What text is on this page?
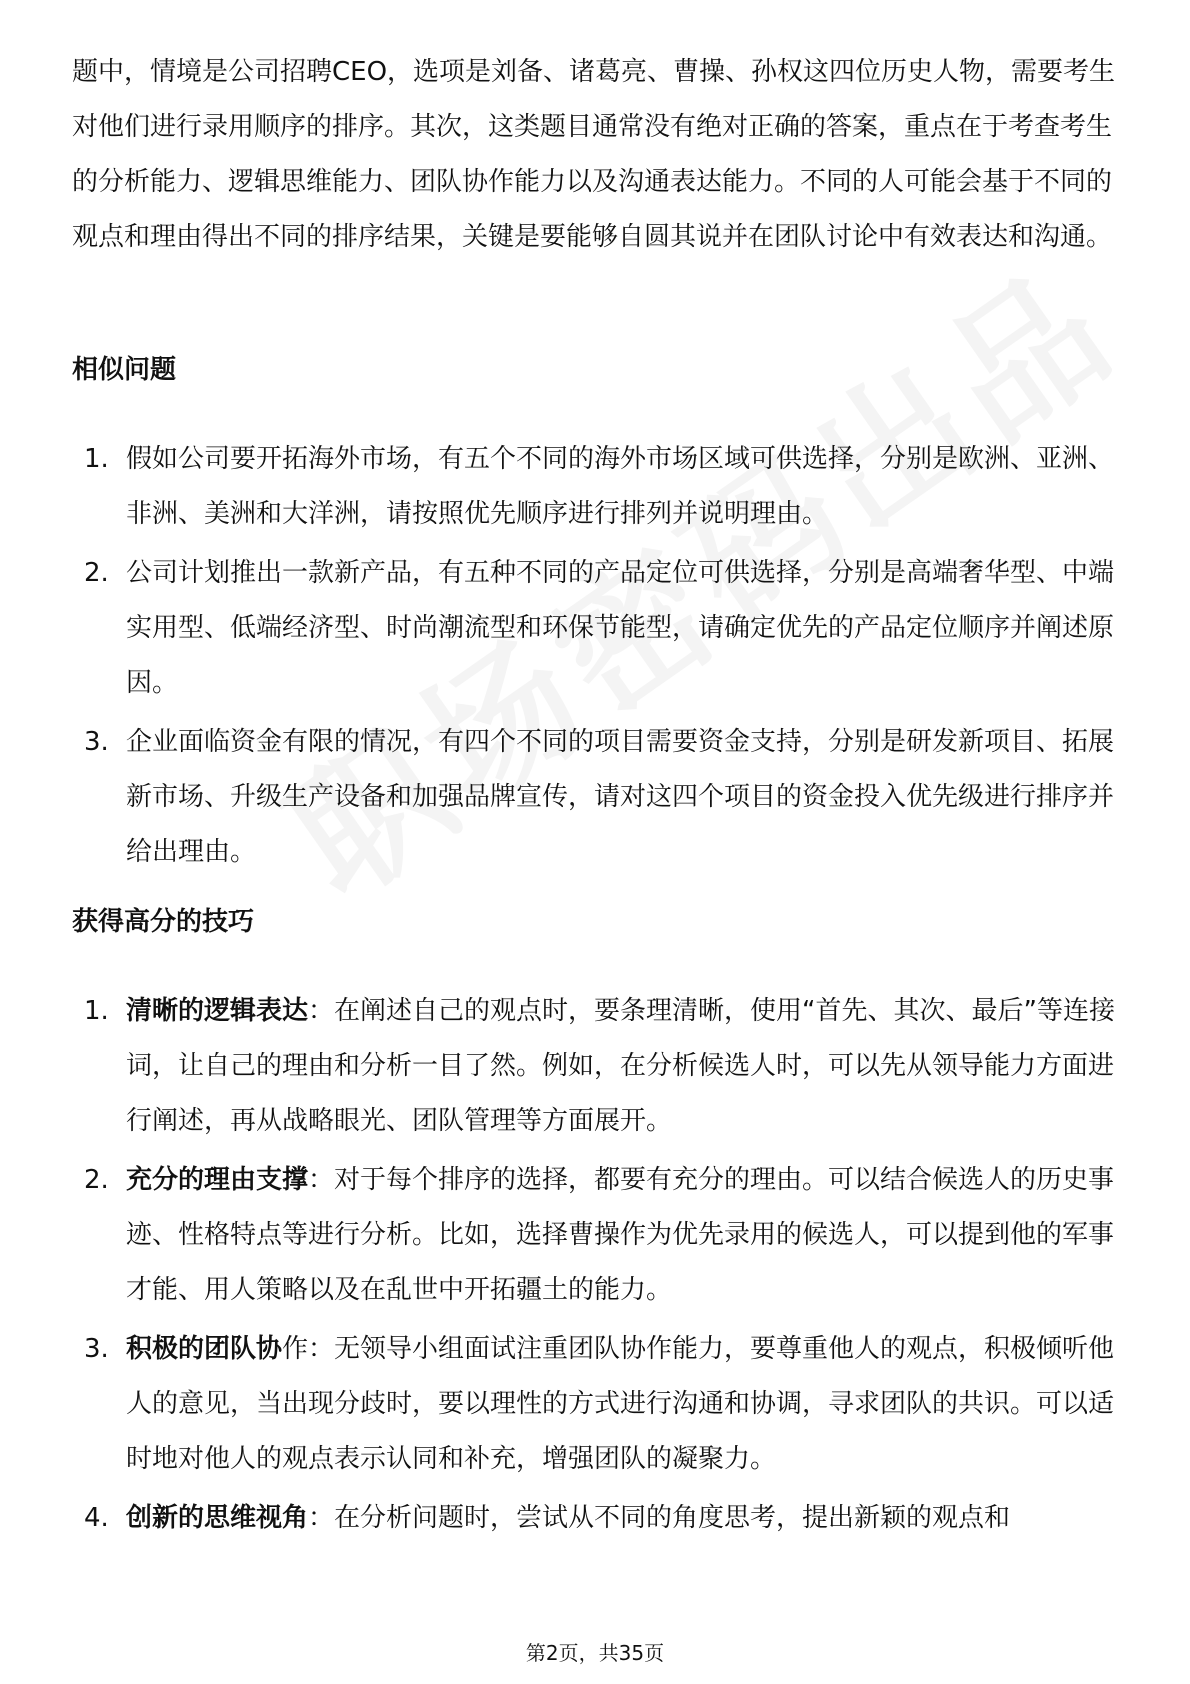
题中，情境是公司招聘CEO，选项是刘备、诸葛亮、曹操、孙权这四位历史人物，需要考生对他们进行录用顺序的排序。其次，这类题目通常没有绝对正确的答案，重点在于考查考生的分析能力、逻辑思维能力、团队协作能力以及沟通表达能力。不同的人可能会基于不同的观点和理由得出不同的排序结果，关键是要能够自圆其说并在团队讨论中有效表达和沟通。

相似问题
1. 假如公司要开拓海外市场，有五个不同的海外市场区域可供选择，分别是欧洲、亚洲、非洲、美洲和大洋洲，请按照优先顺序进行排列并说明理由。
2. 公司计划推出一款新产品，有五种不同的产品定位可供选择，分别是高端奢华型、中端实用型、低端经济型、时尚潮流型和环保节能型，请确定优先的产品定位顺序并阐述原因。
3. 企业面临资金有限的情况，有四个不同的项目需要资金支持，分别是研发新项目、拓展新市场、升级生产设备和加强品牌宣传，请对这四个项目的资金投入优先级进行排序并给出理由。
获得高分的技巧
1. 清晰的逻辑表达：在阐述自己的观点时，要条理清晰，使用“首先、其次、最后”等连接词，让自己的理由和分析一目了然。例如，在分析候选人时，可以先从领导能力方面进行阐述，再从战略眼光、团队管理等方面展开。
2. 充分的理由支撑：对于每个排序的选择，都要有充分的理由。可以结合候选人的历史事迹、性格特点等进行分析。比如，选择曹操作为优先录用的候选人，可以提到他的军事才能、用人策略以及在乱世中开拓疆土的能力。
3. 积极的团队协作：无领导小组面试注重团队协作能力，要尊重他人的观点，积极倾听他人的意见，当出现分歧时，要以理性的方式进行沟通和协调，寻求团队的共识。可以适时地对他人的观点表示认同和补充，增强团队的凝聚力。
4. 创新的思维视角：在分析问题时，尝试从不同的角度思考，提出新颖的观点和
第2页，共35页
